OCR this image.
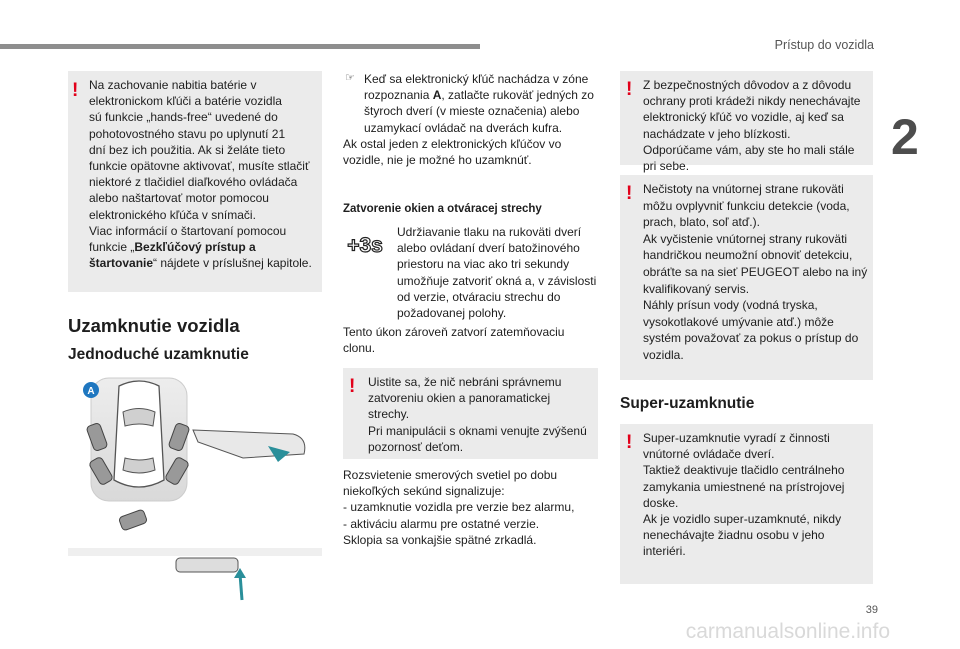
Prístup do vozidla
2
! Na zachovanie nabitia batérie v
elektronickom kľúči a batérie vozidla
sú funkcie „hands-free“ uvedené do
pohotovostného stavu po uplynutí 21
dní bez ich použitia. Ak si želáte tieto
funkcie opätovne aktivovať, musíte stlačiť
niektoré z tlačidiel diaľkového ovládača
alebo naštartovať motor pomocou
elektronického kľúča v snímači.
Viac informácií o štartovaní pomocou

funkcie „Bezkľúčový prístup a
štartovanie“ nájdete v príslušnej kapitole.

Uzamknutie vozidla
Jednoduché uzamknutie
A
☞ Keď sa elektronický kľúč nachádza v zóne
rozpoznania A, zatlačte rukoväť jedných zo
štyroch dverí (v mieste označenia) alebo
uzamykací ovládač na dverách kufra.

Ak ostal jeden z elektronických kľúčov vo
vozidle, nie je možné ho uzamknúť.

Zatvorenie okien a otváracej strechy
+3s

Udržiavanie tlaku na rukoväti dverí
alebo ovládaní dverí batožinového
priestoru na viac ako tri sekundy
umožňuje zatvoriť okná a, v závislosti
od verzie, otváraciu strechu do
požadovanej polohy.

Tento úkon zároveň zatvorí zatemňovaciu
clonu.

! Uistite sa, že nič nebráni správnemu
zatvoreniu okien a panoramatickej
strechy.
Pri manipulácii s oknami venujte zvýšenú
pozornosť deťom.

Rozsvietenie smerových svetiel po dobu
niekoľkých sekúnd signalizuje:
- uzamknutie vozidla pre verzie bez alarmu,
- aktiváciu alarmu pre ostatné verzie.
Sklopia sa vonkajšie spätné zrkadlá.

! Z bezpečnostných dôvodov a z dôvodu
ochrany proti krádeži nikdy nenechávajte
elektronický kľúč vo vozidle, aj keď sa
nachádzate v jeho blízkosti.
Odporúčame vám, aby ste ho mali stále
pri sebe.

! Nečistoty na vnútornej strane rukoväti
môžu ovplyvniť funkciu detekcie (voda,
prach, blato, soľ atď.).
Ak vyčistenie vnútornej strany rukoväti
handričkou neumožní obnoviť detekciu,
obráťte sa na sieť PEUGEOT alebo na iný
kvalifikovaný servis.
Náhly prísun vody (vodná tryska,
vysokotlakové umývanie atď.) môže
systém považovať za pokus o prístup do
vozidla.

Super-uzamknutie
! Super-uzamknutie vyradí z činnosti
vnútorné ovládače dverí.
Taktiež deaktivuje tlačidlo centrálneho
zamykania umiestnené na prístrojovej
doske.
Ak je vozidlo super-uzamknuté, nikdy
nenechávajte žiadnu osobu v jeho
interiéri.

39
carmanualsonline.info
